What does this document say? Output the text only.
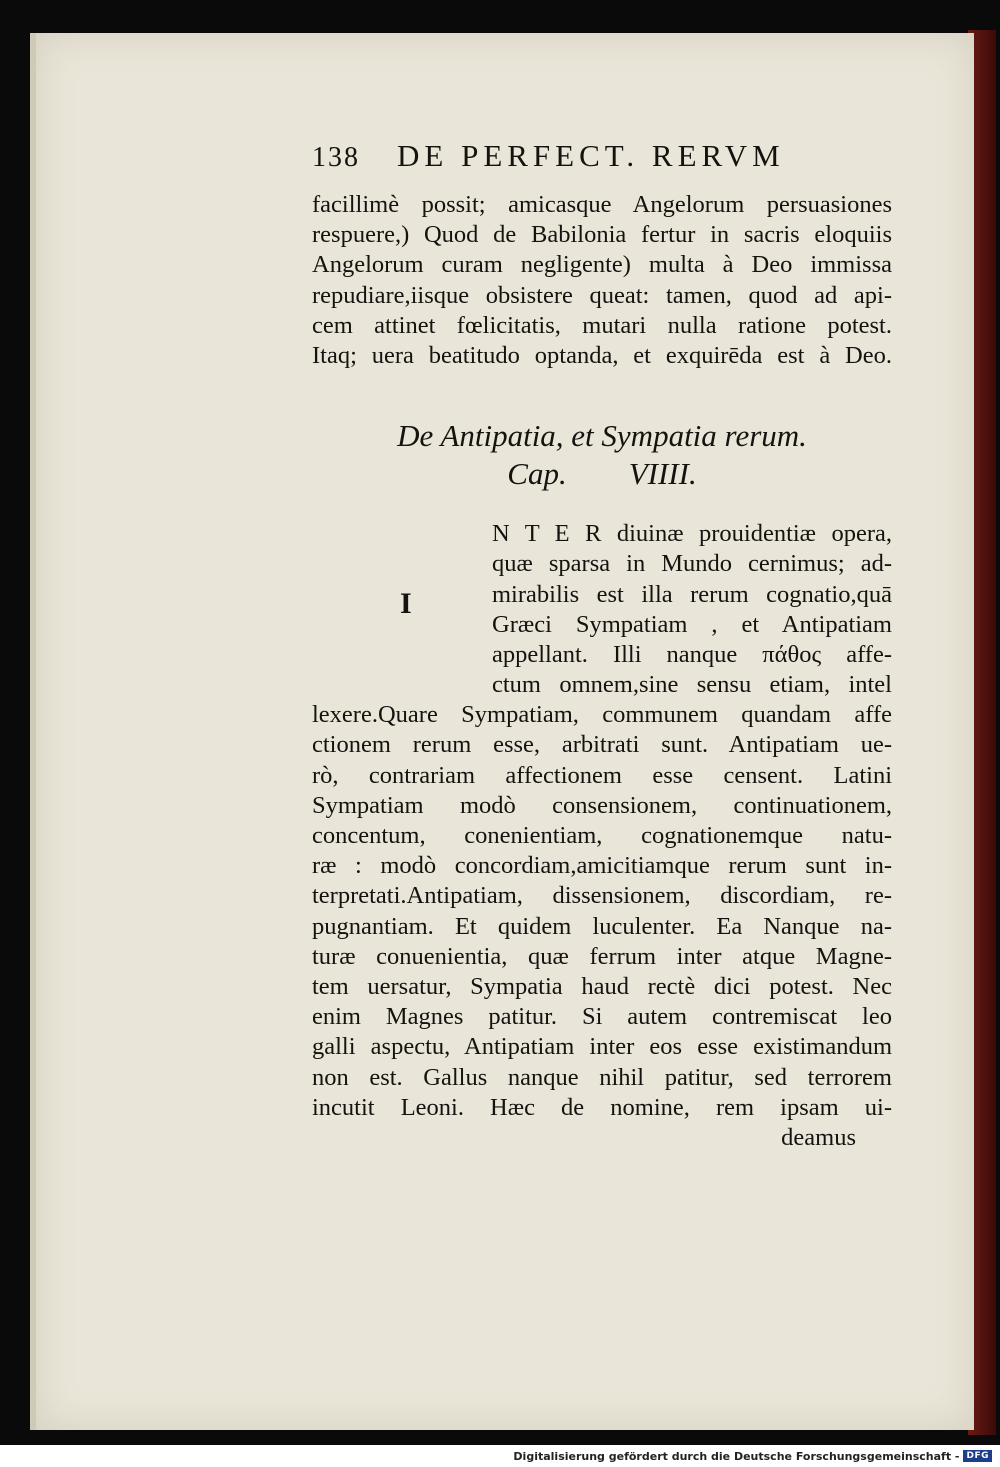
138	DE PERFECT. RERVM
facillimè possit; amicasque Angelorum persuasiones
respuere,) Quod de Babilonia fertur in sacris eloquiis
Angelorum curam negligente) multa à Deo immissa
repudiare,iisque obsistere queat: tamen, quod ad api-
cem attinet fœlicitatis, mutari nulla ratione potest.
Itaq; uera beatitudo optanda, et exquirēda est à Deo.
De Antipatia, et Sympatia rerum.
Cap. VIIII.
I
N T E R diuinæ prouidentiæ opera,
quæ sparsa in Mundo cernimus; ad-
mirabilis est illa rerum cognatio,quā
Græci Sympatiam , et Antipatiam
appellant. Illi nanque πάθος affe-
ctum omnem,sine sensu etiam, intel
lexere.Quare Sympatiam, communem quandam affe
ctionem rerum esse, arbitrati sunt. Antipatiam ue-
rò, contrariam affectionem esse censent. Latini
Sympatiam modò consensionem, continuationem,
concentum, conenientiam, cognationemque natu-
ræ : modò concordiam,amicitiamque rerum sunt in-
terpretati.Antipatiam, dissensionem, discordiam, re-
pugnantiam. Et quidem luculenter. Ea Nanque na-
turæ conuenientia, quæ ferrum inter atque Magne-
tem uersatur, Sympatia haud rectè dici potest. Nec
enim Magnes patitur. Si autem contremiscat leo
galli aspectu, Antipatiam inter eos esse existimandum
non est. Gallus nanque nihil patitur, sed terrorem
incutit Leoni. Hæc de nomine, rem ipsam ui-
deamus
Digitalisierung gefördert durch die Deutsche Forschungsgemeinschaft - DFG
